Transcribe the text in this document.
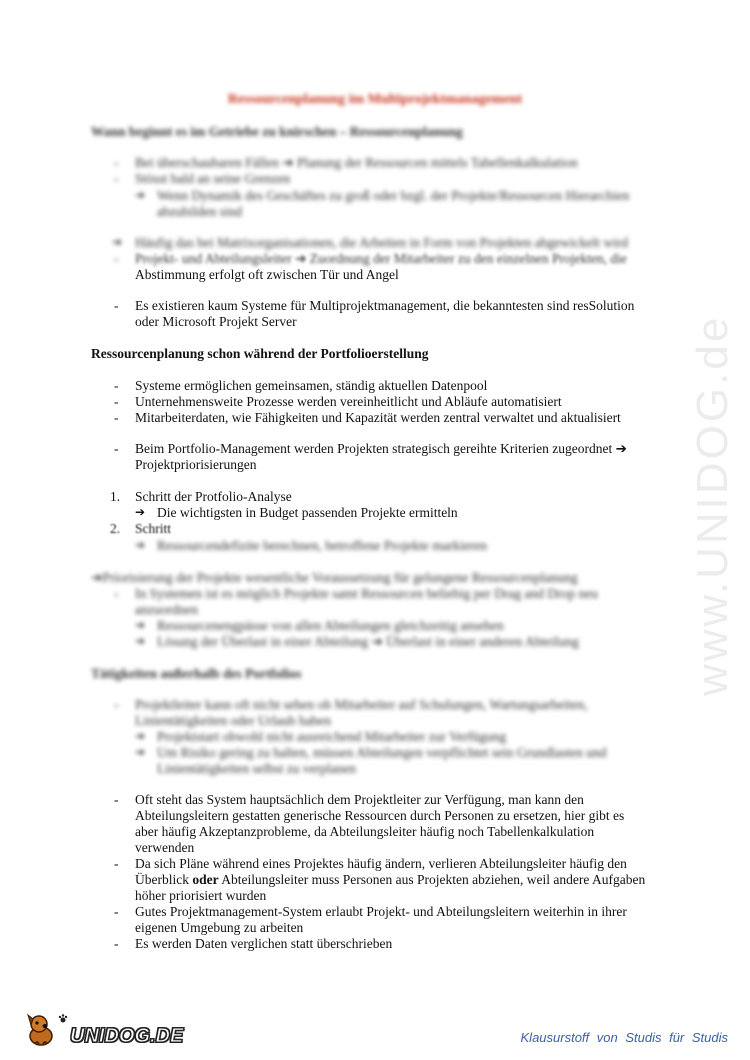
Ressourcenplanung im Multiprojektmanagement
Wann beginnt es im Getriebe zu knirschen – Ressourcenplanung
- Bei überschaubaren Fällen ➔ Planung der Ressourcen mittels Tabellenkalkulation
- Stösst bald an seine Grenzen
➔ Wenn Dynamik des Geschäftes zu groß oder bzgl. der Projekte/Ressourcen Hierarchien
abzubilden sind
➔ Häufig das bei Matrixorganisationen, die Arbeiten in Form von Projekten abgewickelt wird
- Projekt- und Abteilungsleiter ➔ Zuordnung der Mitarbeiter zu den einzelnen Projekten, die
Abstimmung erfolgt oft zwischen Tür und Angel
- Es existieren kaum Systeme für Multiprojektmanagement, die bekanntesten sind resSolution
oder Microsoft Projekt Server
Ressourcenplanung schon während der Portfolioerstellung
- Systeme ermöglichen gemeinsamen, ständig aktuellen Datenpool
- Unternehmensweite Prozesse werden vereinheitlicht und Abläufe automatisiert
- Mitarbeiterdaten, wie Fähigkeiten und Kapazität werden zentral verwaltet und aktualisiert
- Beim Portfolio-Management werden Projekten strategisch gereihte Kriterien zugeordnet ➔
Projektpriorisierungen
1. Schritt der Protfolio-Analyse
➔ Die wichtigsten in Budget passenden Projekte ermitteln
2. Schritt
➔ Ressourcendefizite berechnen, betroffene Projekte markieren
➔Priorisierung der Projekte wesentliche Voraussetzung für gelungene Ressourcenplanung
- In Systemen ist es möglich Projekte samt Ressourcen beliebig per Drag and Drop neu
anzuordnen
➔ Ressourcenengpässe von allen Abteilungen gleichzeitig ansehen
➔ Lösung der Überlast in einer Abteilung ➔ Überlast in einer anderen Abteilung
Tätigkeiten außerhalb des Portfolios
- Projektleiter kann oft nicht sehen ob Mitarbeiter auf Schulungen, Wartungsarbeiten,
Linientätigkeiten oder Urlaub haben
➔ Projektstart obwohl nicht ausreichend Mitarbeiter zur Verfügung
➔ Um Risiko gering zu halten, müssen Abteilungen verpflichtet sein Grundlasten und
Linientätigkeiten selbst zu verplanen
- Oft steht das System hauptsächlich dem Projektleiter zur Verfügung, man kann den
Abteilungsleitern gestatten generische Ressourcen durch Personen zu ersetzen, hier gibt es
aber häufig Akzeptanzprobleme, da Abteilungsleiter häufig noch Tabellenkalkulation
verwenden
- Da sich Pläne während eines Projektes häufig ändern, verlieren Abteilungsleiter häufig den
Überblick oder Abteilungsleiter muss Personen aus Projekten abziehen, weil andere Aufgaben
höher priorisiert wurden
- Gutes Projektmanagement-System erlaubt Projekt- und Abteilungsleitern weiterhin in ihrer
eigenen Umgebung zu arbeiten
- Es werden Daten verglichen statt überschrieben
www.UNIDOG.de
UNIDOG.DE	Klausurstoff von Studis für Studis
